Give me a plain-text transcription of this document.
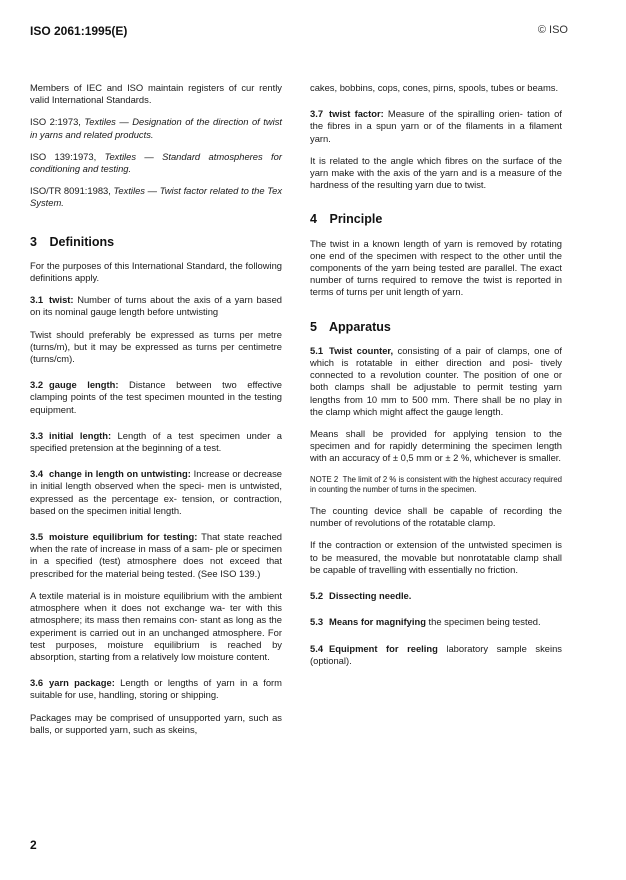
ISO 2061:1995(E)	© ISO

Members of IEC and ISO maintain registers of cur rently valid International Standards.

ISO 2:1973, Textiles — Designation of the direction of twist in yarns and related products.

ISO 139:1973, Textiles — Standard atmospheres for conditioning and testing.

ISO/TR 8091:1983, Textiles — Twist factor related to the Tex System.

3 Definitions

For the purposes of this International Standard, the following definitions apply.

3.1 twist: Number of turns about the axis of a yarn based on its nominal gauge length before untwisting

Twist should preferably be expressed as turns per metre (turns/m), but it may be expressed as turns per centimetre (turns/cm).

3.2 gauge length: Distance between two effective clamping points of the test specimen mounted in the testing equipment.

3.3 initial length: Length of a test specimen under a specified pretension at the beginning of a test.

3.4 change in length on untwisting: Increase or decrease in initial length observed when the speci- men is untwisted, expressed as the percentage ex- tension, or contraction, based on the specimen initial length.

3.5 moisture equilibrium for testing: That state reached when the rate of increase in mass of a sam- ple or specimen in a specified (test) atmosphere does not exceed that prescribed for the material being tested. (See ISO 139.)

A textile material is in moisture equilibrium with the ambient atmosphere when it does not exchange wa- ter with this atmosphere; its mass then remains con- stant as long as the experiment is carried out in an unchanged atmosphere. For test purposes, moisture equilibrium is reached by absorption, starting from a relatively low moisture content.

3.6 yarn package: Length or lengths of yarn in a form suitable for use, handling, storing or shipping.

Packages may be comprised of unsupported yarn, such as balls, or supported yarn, such as skeins,

cakes, bobbins, cops, cones, pirns, spools, tubes or beams.

3.7 twist factor: Measure of the spiralling orien- tation of the fibres in a spun yarn or of the filaments in a filament yarn.

It is related to the angle which fibres on the surface of the yarn make with the axis of the yarn and is a measure of the hardness of the resulting yarn due to twist.

4 Principle

The twist in a known length of yarn is removed by rotating one end of the specimen with respect to the other until the components of the yarn being tested are parallel. The exact number of turns required to remove the twist is reported in terms of turns per unit length of yarn.

5 Apparatus

5.1 Twist counter, consisting of a pair of clamps, one of which is rotatable in either direction and posi- tively connected to a revolution counter. The position of one or both clamps shall be adjustable to permit testing yarn lengths from 10 mm to 500 mm. There shall be no play in the clamp which might affect the gauge length.

Means shall be provided for applying tension to the specimen and for rapidly determining the specimen length with an accuracy of ± 0,5 mm or ± 2 %, whichever is smaller.

NOTE 2 The limit of 2 % is consistent with the highest accuracy required in counting the number of turns in the specimen.

The counting device shall be capable of recording the number of revolutions of the rotatable clamp.

If the contraction or extension of the untwisted specimen is to be measured, the movable but nonrotatable clamp shall be capable of travelling with essentially no friction.

5.2 Dissecting needle.

5.3 Means for magnifying the specimen being tested.

5.4 Equipment for reeling laboratory sample skeins (optional).

2
